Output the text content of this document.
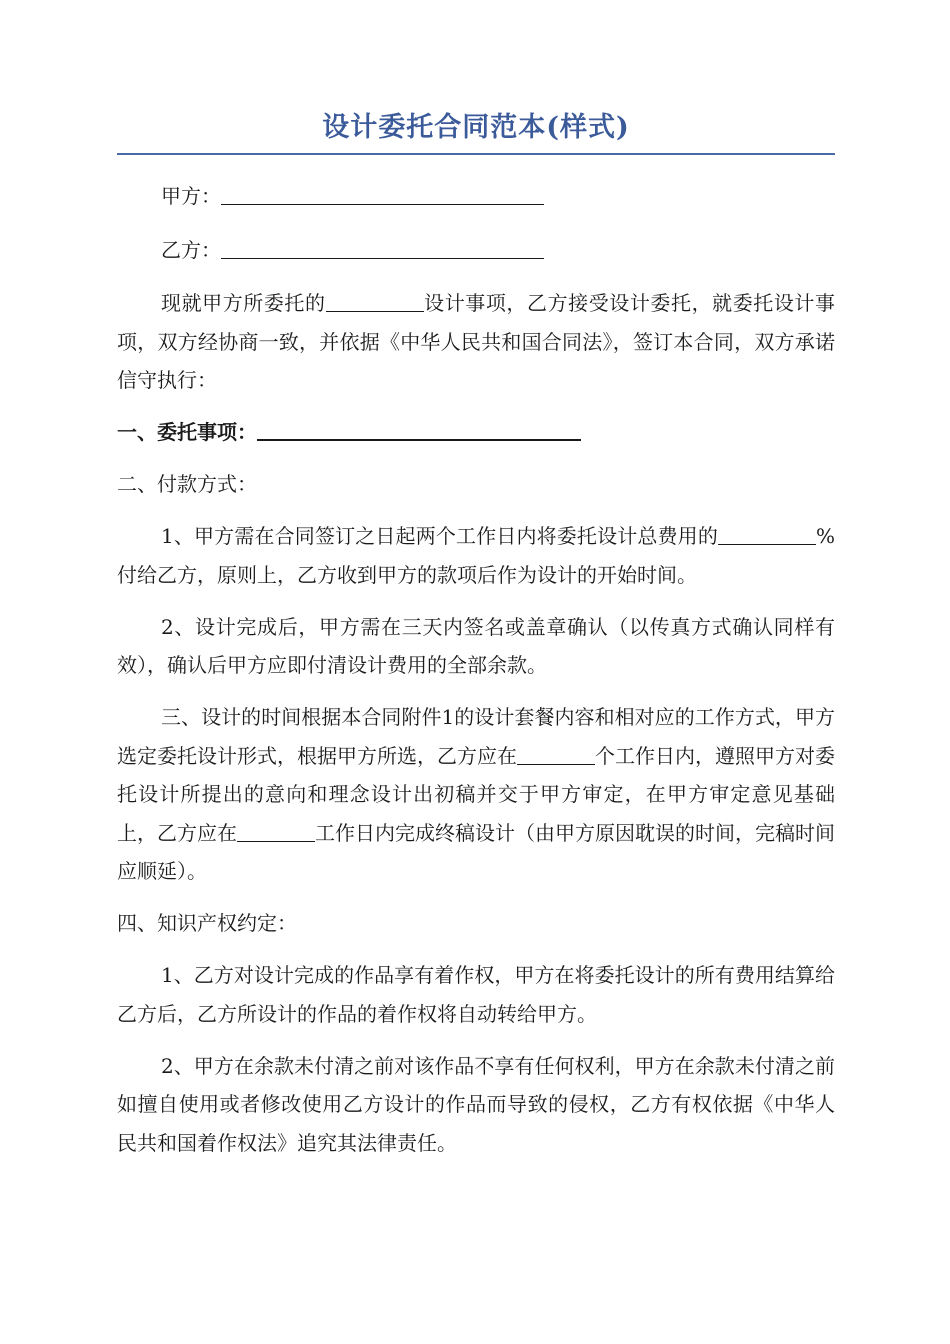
设计委托合同范本(样式)

甲方：

乙方：

现就甲方所委托的	设计事项，乙方接受设计委托，就委托设计事项，双方经协商一致，并依据《中华人民共和国合同法》，签订本合同，双方承诺信守执行：

一、委托事项：

二、付款方式：

1、甲方需在合同签订之日起两个工作日内将委托设计总费用的	%付给乙方，原则上，乙方收到甲方的款项后作为设计的开始时间。

2、设计完成后，甲方需在三天内签名或盖章确认（以传真方式确认同样有效），确认后甲方应即付清设计费用的全部余款。

三、设计的时间根据本合同附件1的设计套餐内容和相对应的工作方式，甲方选定委托设计形式，根据甲方所选，乙方应在	个工作日内，遵照甲方对委托设计所提出的意向和理念设计出初稿并交于甲方审定，在甲方审定意见基础上，乙方应在	工作日内完成终稿设计（由甲方原因耽误的时间，完稿时间应顺延）。

四、知识产权约定：

1、乙方对设计完成的作品享有着作权，甲方在将委托设计的所有费用结算给乙方后，乙方所设计的作品的着作权将自动转给甲方。

2、甲方在余款未付清之前对该作品不享有任何权利，甲方在余款未付清之前如擅自使用或者修改使用乙方设计的作品而导致的侵权，乙方有权依据《中华人民共和国着作权法》追究其法律责任。
